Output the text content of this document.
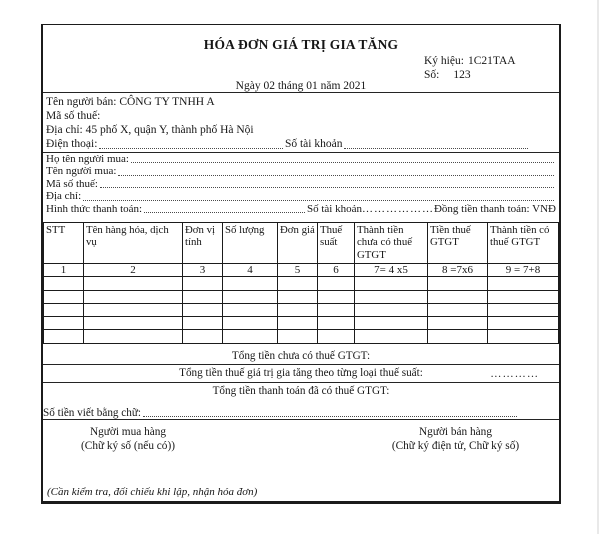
HÓA ĐƠN GIÁ TRỊ GIA TĂNG
Ký hiệu: 1C21TAA
Số: 123
Ngày 02 tháng 01 năm 2021
Tên người bán: CÔNG TY TNHH A
Mã số thuế:
Địa chỉ: 45 phố X, quận Y, thành phố Hà Nội
Điện thoại:	Số tài khoản
Họ tên người mua:
Tên người mua:
Mã số thuế:
Địa chỉ:
Hình thức thanh toán:	Số tài khoản ……………… Đồng tiền thanh toán: VNĐ
STT	Tên hàng hóa, dịch vụ	Đơn vị tính	Số lượng	Đơn giá	Thuế suất	Thành tiền chưa có thuế GTGT	Tiền thuế GTGT	Thành tiền có thuế GTGT
1	2	3	4	5	6	7= 4 x5	8 =7x6	9 = 7+8

Tổng tiền chưa có thuế GTGT:
Tổng tiền thuế giá trị gia tăng theo từng loại thuế suất:	…………
Tổng tiền thanh toán đã có thuế GTGT:
Số tiền viết bằng chữ:
Người mua hàng
(Chữ ký số (nếu có))
Người bán hàng
(Chữ ký điện tử, Chữ ký số)
(Cần kiểm tra, đối chiếu khi lập, nhận hóa đơn)
